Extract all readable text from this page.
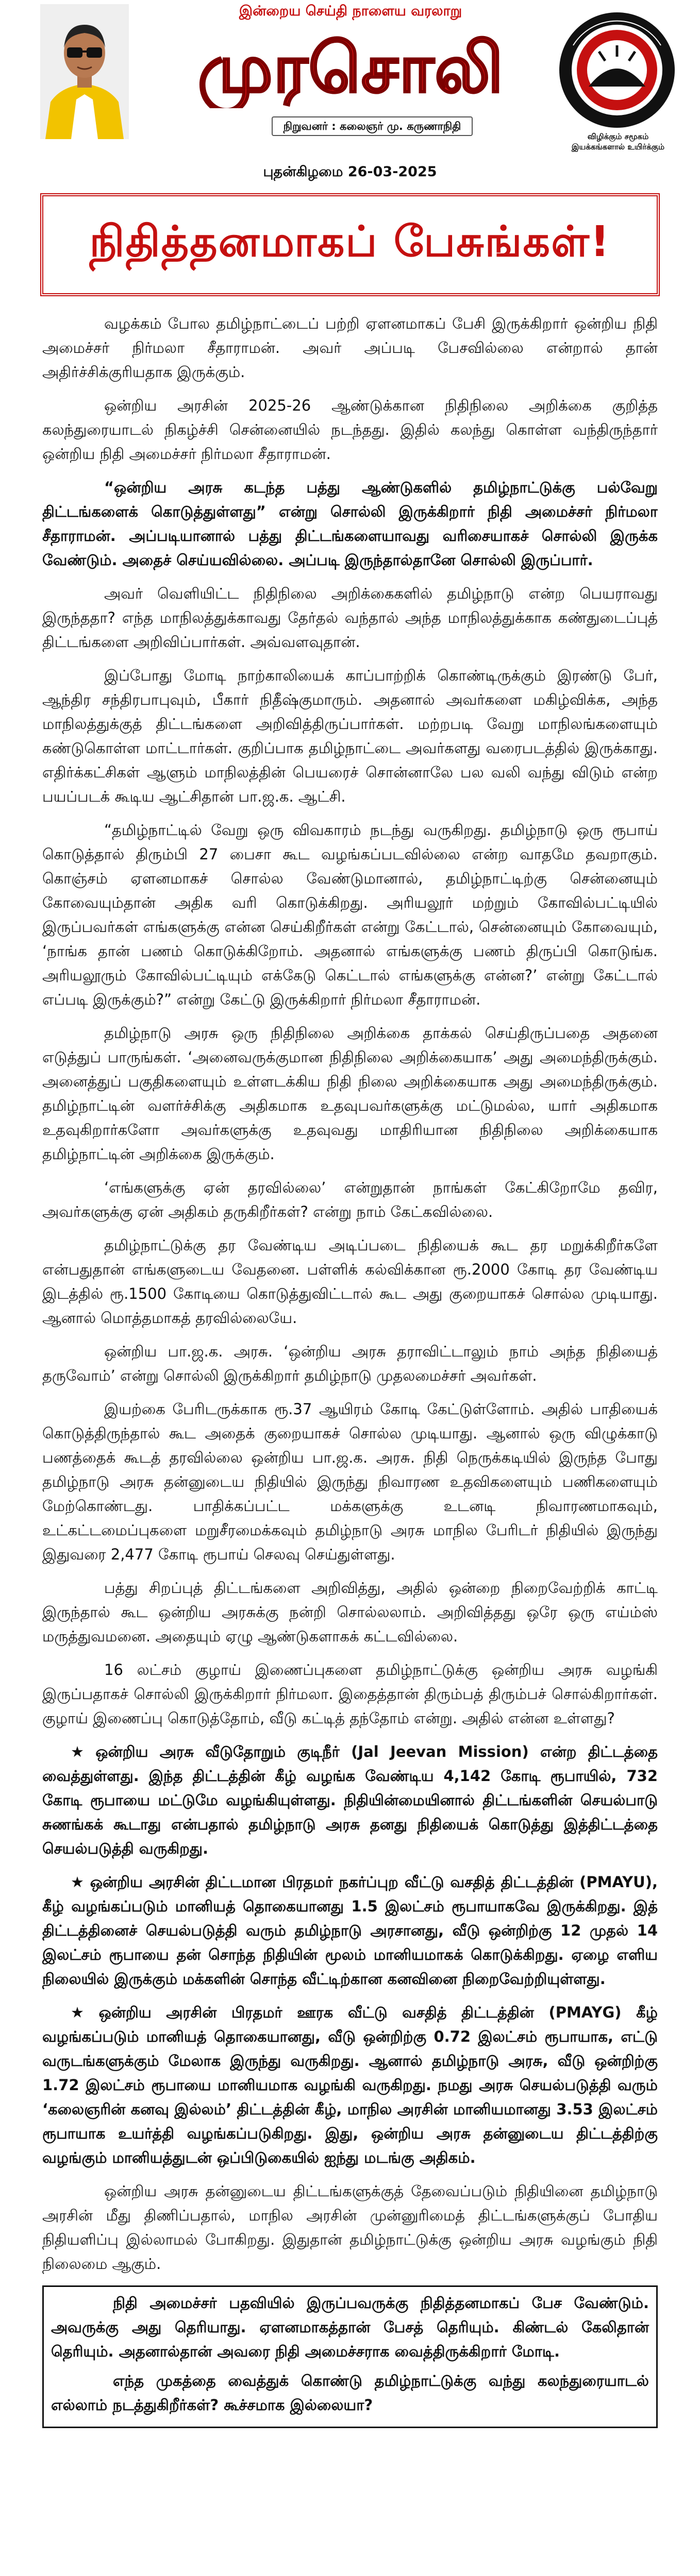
இன்றைய செய்தி நாளைய வரலாறு
முரசொலி
நிறுவனர் : கலைஞர் மு. கருணாநிதி
விழிக்கும் சமூகம் இயக்கங்களால் உயிர்க்கும்
புதன்கிழமை 26-03-2025
நிதித்தனமாகப் பேசுங்கள்!

வழக்கம் போல தமிழ்நாட்டைப் பற்றி ஏளனமாகப் பேசி இருக்கிறார் ஒன்றிய நிதி அமைச்சர் நிர்மலா சீதாராமன். அவர் அப்படி பேசவில்லை என்றால் தான் அதிர்ச்சிக்குரியதாக இருக்கும்.

ஒன்றிய அரசின் 2025-26 ஆண்டுக்கான நிதிநிலை அறிக்கை குறித்த கலந்துரையாடல் நிகழ்ச்சி சென்னையில் நடந்தது. இதில் கலந்து கொள்ள வந்திருந்தார் ஒன்றிய நிதி அமைச்சர் நிர்மலா சீதாராமன்.

“ஒன்றிய அரசு கடந்த பத்து ஆண்டுகளில் தமிழ்நாட்டுக்கு பல்வேறு திட்டங்களைக் கொடுத்துள்ளது” என்று சொல்லி இருக்கிறார் நிதி அமைச்சர் நிர்மலா சீதாராமன். அப்படியானால் பத்து திட்டங்களையாவது வரிசையாகச் சொல்லி இருக்க வேண்டும். அதைச் செய்யவில்லை. அப்படி இருந்தால்தானே சொல்லி இருப்பார்.

அவர் வெளியிட்ட நிதிநிலை அறிக்கைகளில் தமிழ்நாடு என்ற பெயராவது இருந்ததா? எந்த மாநிலத்துக்காவது தேர்தல் வந்தால் அந்த மாநிலத்துக்காக கண்துடைப்புத் திட்டங்களை அறிவிப்பார்கள். அவ்வளவுதான்.

இப்போது மோடி நாற்காலியைக் காப்பாற்றிக் கொண்டிருக்கும் இரண்டு பேர், ஆந்திர சந்திரபாபுவும், பீகார் நிதீஷ்குமாரும். அதனால் அவர்களை மகிழ்விக்க, அந்த மாநிலத்துக்குத் திட்டங்களை அறிவித்திருப்பார்கள். மற்றபடி வேறு மாநிலங்களையும் கண்டுகொள்ள மாட்டார்கள். குறிப்பாக தமிழ்நாட்டை அவர்களது வரைபடத்தில் இருக்காது. எதிர்க்கட்சிகள் ஆளும் மாநிலத்தின் பெயரைச் சொன்னாலே பல வலி வந்து விடும் என்ற பயப்படக் கூடிய ஆட்சிதான் பா.ஜ.க. ஆட்சி.

“தமிழ்நாட்டில் வேறு ஒரு விவகாரம் நடந்து வருகிறது. தமிழ்நாடு ஒரு ரூபாய் கொடுத்தால் திரும்பி 27 பைசா கூட வழங்கப்படவில்லை என்ற வாதமே தவறாகும். கொஞ்சம் ஏளனமாகச் சொல்ல வேண்டுமானால், தமிழ்நாட்டிற்கு சென்னையும் கோவையும்தான் அதிக வரி கொடுக்கிறது. அரியலூர் மற்றும் கோவில்பட்டியில் இருப்பவர்கள் எங்களுக்கு என்ன செய்கிறீர்கள் என்று கேட்டால், சென்னையும் கோவையும், ‘நாங்க தான் பணம் கொடுக்கிறோம். அதனால் எங்களுக்கு பணம் திருப்பி கொடுங்க. அரியலூரும் கோவில்பட்டியும் எக்கேடு கெட்டால் எங்களுக்கு என்ன?’ என்று கேட்டால் எப்படி இருக்கும்?” என்று கேட்டு இருக்கிறார் நிர்மலா சீதாராமன்.

தமிழ்நாடு அரசு ஒரு நிதிநிலை அறிக்கை தாக்கல் செய்திருப்பதை அதனை எடுத்துப் பாருங்கள். ‘அனைவருக்குமான நிதிநிலை அறிக்கையாக’ அது அமைந்திருக்கும். அனைத்துப் பகுதிகளையும் உள்ளடக்கிய நிதி நிலை அறிக்கையாக அது அமைந்திருக்கும். தமிழ்நாட்டின் வளர்ச்சிக்கு அதிகமாக உதவுபவர்களுக்கு மட்டுமல்ல, யார் அதிகமாக உதவுகிறார்களோ அவர்களுக்கு உதவுவது மாதிரியான நிதிநிலை அறிக்கையாக தமிழ்நாட்டின் அறிக்கை இருக்கும்.

‘எங்களுக்கு ஏன் தரவில்லை’ என்றுதான் நாங்கள் கேட்கிறோமே தவிர, அவர்களுக்கு ஏன் அதிகம் தருகிறீர்கள்? என்று நாம் கேட்கவில்லை.

தமிழ்நாட்டுக்கு தர வேண்டிய அடிப்படை நிதியைக் கூட தர மறுக்கிறீர்களே என்பதுதான் எங்களுடைய வேதனை. பள்ளிக் கல்விக்கான ரூ.2000 கோடி தர வேண்டிய இடத்தில் ரூ.1500 கோடியை கொடுத்துவிட்டால் கூட அது குறையாகச் சொல்ல முடியாது. ஆனால் மொத்தமாகத் தரவில்லையே.

ஒன்றிய பா.ஜ.க. அரசு. ‘ஒன்றிய அரசு தராவிட்டாலும் நாம் அந்த நிதியைத் தருவோம்’ என்று சொல்லி இருக்கிறார் தமிழ்நாடு முதலமைச்சர் அவர்கள்.

இயற்கை பேரிடருக்காக ரூ.37 ஆயிரம் கோடி கேட்டுள்ளோம். அதில் பாதியைக் கொடுத்திருந்தால் கூட அதைக் குறையாகச் சொல்ல முடியாது. ஆனால் ஒரு விழுக்காடு பணத்தைக் கூடத் தரவில்லை ஒன்றிய பா.ஜ.க. அரசு. நிதி நெருக்கடியில் இருந்த போது தமிழ்நாடு அரசு தன்னுடைய நிதியில் இருந்து நிவாரண உதவிகளையும் பணிகளையும் மேற்கொண்டது. பாதிக்கப்பட்ட மக்களுக்கு உடனடி நிவாரணமாகவும், உட்கட்டமைப்புகளை மறுசீரமைக்கவும் தமிழ்நாடு அரசு மாநில பேரிடர் நிதியில் இருந்து இதுவரை 2,477 கோடி ரூபாய் செலவு செய்துள்ளது.

பத்து சிறப்புத் திட்டங்களை அறிவித்து, அதில் ஒன்றை நிறைவேற்றிக் காட்டி இருந்தால் கூட ஒன்றிய அரசுக்கு நன்றி சொல்லலாம். அறிவித்தது ஒரே ஒரு எய்ம்ஸ் மருத்துவமனை. அதையும் ஏழு ஆண்டுகளாகக் கட்டவில்லை.

16 லட்சம் குழாய் இணைப்புகளை தமிழ்நாட்டுக்கு ஒன்றிய அரசு வழங்கி இருப்பதாகச் சொல்லி இருக்கிறார் நிர்மலா. இதைத்தான் திரும்பத் திரும்பச் சொல்கிறார்கள். குழாய் இணைப்பு கொடுத்தோம், வீடு கட்டித் தந்தோம் என்று. அதில் என்ன உள்ளது?

★ ஒன்றிய அரசு வீடுதோறும் குடிநீர் (Jal Jeevan Mission) என்ற திட்டத்தை வைத்துள்ளது. இந்த திட்டத்தின் கீழ் வழங்க வேண்டிய 4,142 கோடி ரூபாயில், 732 கோடி ரூபாயை மட்டுமே வழங்கியுள்ளது. நிதியின்மையினால் திட்டங்களின் செயல்பாடு சுணங்கக் கூடாது என்பதால் தமிழ்நாடு அரசு தனது நிதியைக் கொடுத்து இத்திட்டத்தை செயல்படுத்தி வருகிறது.

★ ஒன்றிய அரசின் திட்டமான பிரதமர் நகர்ப்புற வீட்டு வசதித் திட்டத்தின் (PMAYU), கீழ் வழங்கப்படும் மானியத் தொகையானது 1.5 இலட்சம் ரூபாயாகவே இருக்கிறது. இத் திட்டத்தினைச் செயல்படுத்தி வரும் தமிழ்நாடு அரசானது, வீடு ஒன்றிற்கு 12 முதல் 14 இலட்சம் ரூபாயை தன் சொந்த நிதியின் மூலம் மானியமாகக் கொடுக்கிறது. ஏழை எளிய நிலையில் இருக்கும் மக்களின் சொந்த வீட்டிற்கான கனவினை நிறைவேற்றியுள்ளது.

★ ஒன்றிய அரசின் பிரதமர் ஊரக வீட்டு வசதித் திட்டத்தின் (PMAYG) கீழ் வழங்கப்படும் மானியத் தொகையானது, வீடு ஒன்றிற்கு 0.72 இலட்சம் ரூபாயாக, எட்டு வருடங்களுக்கும் மேலாக இருந்து வருகிறது. ஆனால் தமிழ்நாடு அரசு, வீடு ஒன்றிற்கு 1.72 இலட்சம் ரூபாயை மானியமாக வழங்கி வருகிறது. நமது அரசு செயல்படுத்தி வரும் ‘கலைஞரின் கனவு இல்லம்’ திட்டத்தின் கீழ், மாநில அரசின் மானியமானது 3.53 இலட்சம் ரூபாயாக உயர்த்தி வழங்கப்படுகிறது. இது, ஒன்றிய அரசு தன்னுடைய திட்டத்திற்கு வழங்கும் மானியத்துடன் ஒப்பிடுகையில் ஐந்து மடங்கு அதிகம்.

ஒன்றிய அரசு தன்னுடைய திட்டங்களுக்குத் தேவைப்படும் நிதியினை தமிழ்நாடு அரசின் மீது திணிப்பதால், மாநில அரசின் முன்னுரிமைத் திட்டங்களுக்குப் போதிய நிதியளிப்பு இல்லாமல் போகிறது. இதுதான் தமிழ்நாட்டுக்கு ஒன்றிய அரசு வழங்கும் நிதி நிலைமை ஆகும்.

நிதி அமைச்சர் பதவியில் இருப்பவருக்கு நிதித்தனமாகப் பேச வேண்டும். அவருக்கு அது தெரியாது. ஏளனமாகத்தான் பேசத் தெரியும். கிண்டல் கேலிதான் தெரியும். அதனால்தான் அவரை நிதி அமைச்சராக வைத்திருக்கிறார் மோடி.

எந்த முகத்தை வைத்துக் கொண்டு தமிழ்நாட்டுக்கு வந்து கலந்துரையாடல் எல்லாம் நடத்துகிறீர்கள்? கூச்சமாக இல்லையா?
